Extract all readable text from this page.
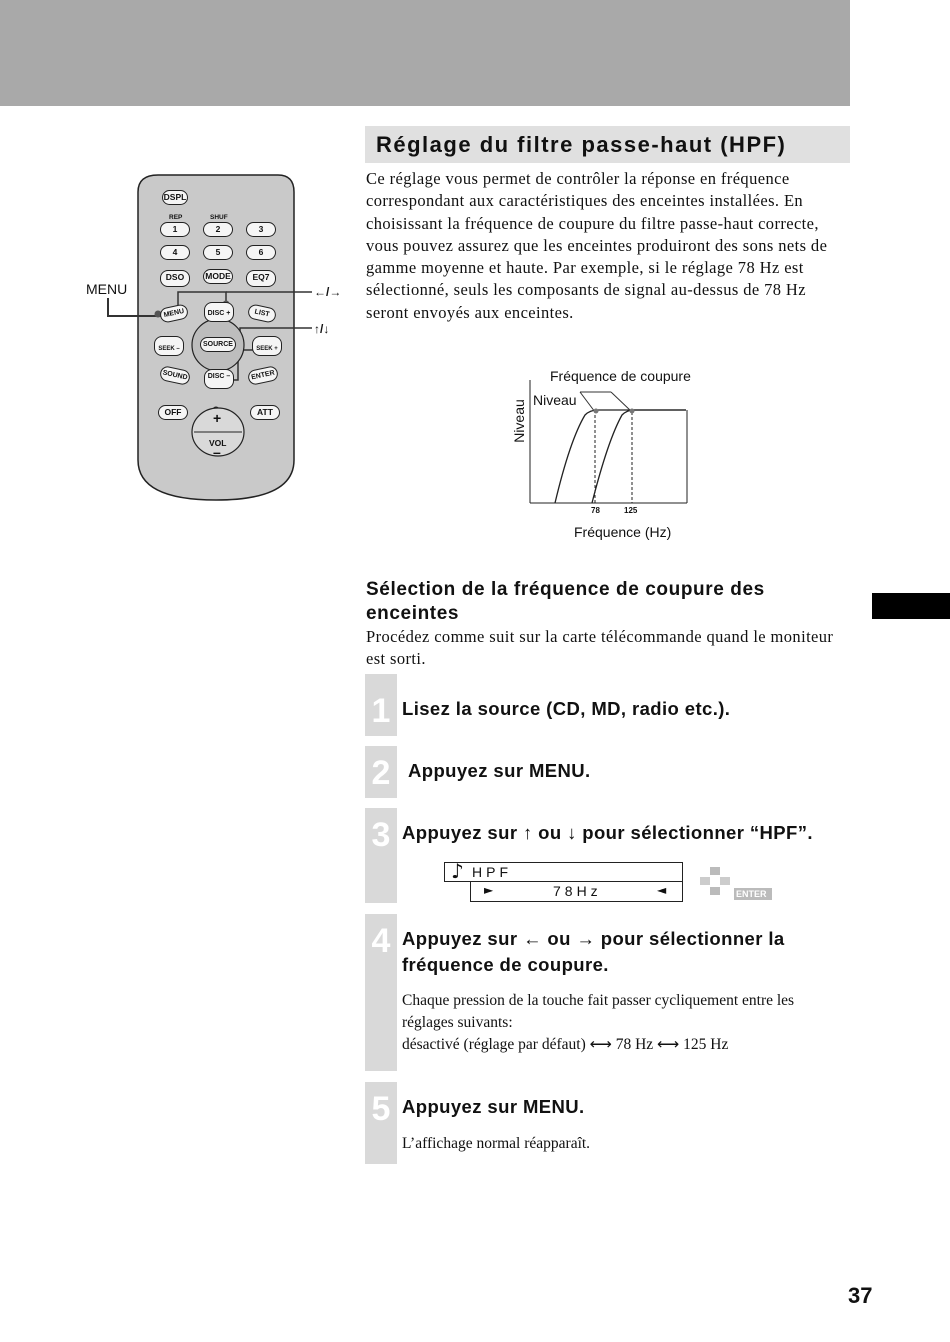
Réglage du filtre passe-haut (HPF)
Ce réglage vous permet de contrôler la réponse en fréquence correspondant aux caractéristiques des enceintes installées. En choisissant la fréquence de coupure du filtre passe-haut correcte, vous pouvez assurez que les enceintes produiront des sons nets de gamme moyenne et haute. Par exemple, si le réglage 78 Hz est sélectionné, seuls les composants de signal au-dessus de 78 Hz seront envoyés aux enceintes.
REP	SHUF
DSPL
1	2	3
4	5	6
DSO	MODE	EQ7
MENU	DISC +	LIST
SEEK –
SOURCE
SEEK +
SOUND	DISC –	ENTER
OFF	ATT
+
VOL
–
MENU	←/→
↑/↓
Fréquence de coupure
Niveau
Niveau
78	125
Fréquence (Hz)
Sélection de la fréquence de coupure des enceintes
Procédez comme suit sur la carte télécommande quand le moniteur est sorti.
1 Lisez la source (CD, MD, radio etc.).
2 Appuyez sur MENU.
3 Appuyez sur ↑ ou ↓ pour sélectionner “HPF”.
♪ HPF
►	78Hz	◄	ENTER
4 Appuyez sur ← ou → pour sélectionner la fréquence de coupure.
Chaque pression de la touche fait passer cycliquement entre les réglages suivants:
désactivé (réglage par défaut) ⟷ 78 Hz ⟷ 125 Hz
5 Appuyez sur MENU.
L’affichage normal réapparaît.
37
